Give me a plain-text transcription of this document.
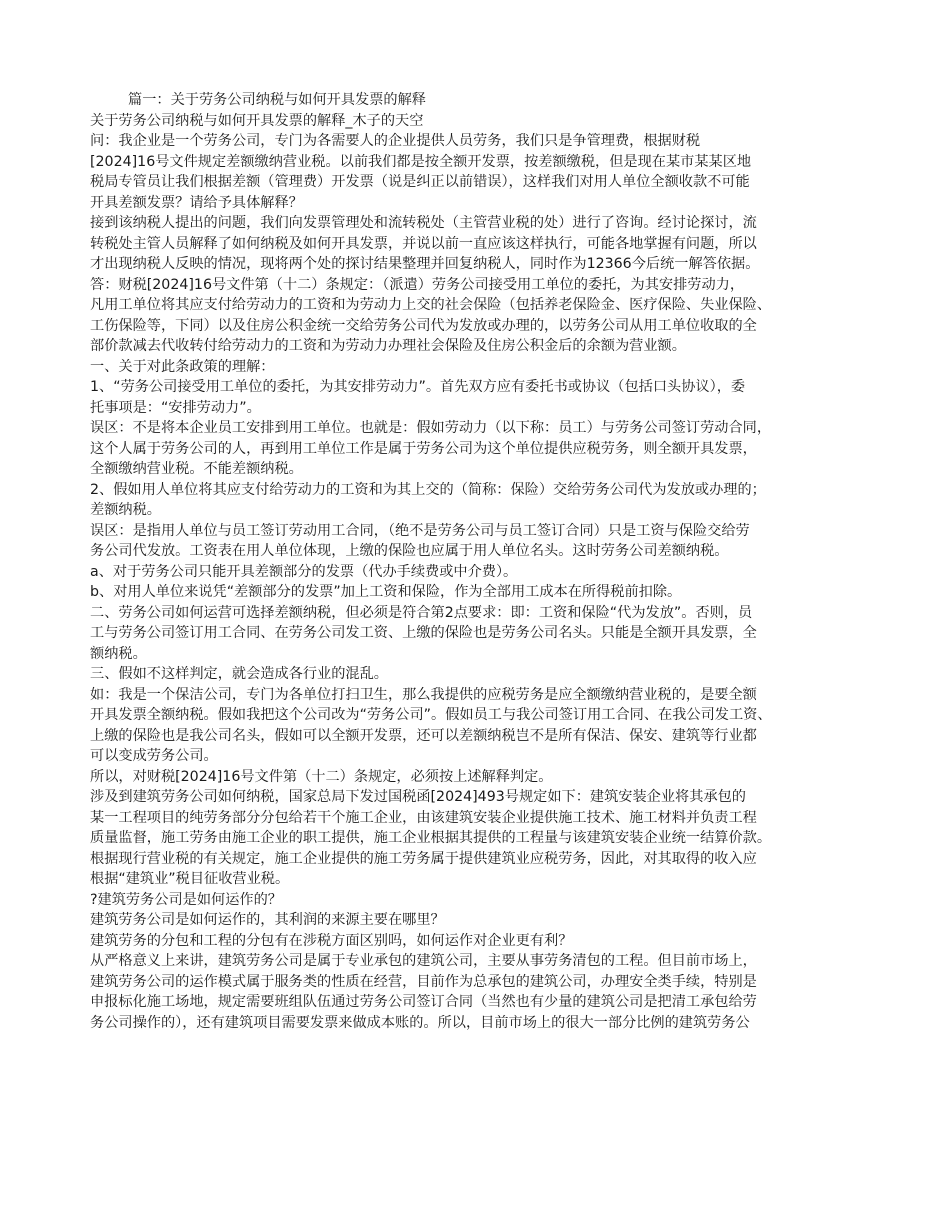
篇一：关于劳务公司纳税与如何开具发票的解释
关于劳务公司纳税与如何开具发票的解释_木子的天空
问：我企业是一个劳务公司，专门为各需要人的企业提供人员劳务，我们只是争管理费，根据财税
[2024]16号文件规定差额缴纳营业税。以前我们都是按全额开发票，按差额缴税，但是现在某市某某区地
税局专管员让我们根据差额（管理费）开发票（说是纠正以前错误），这样我们对用人单位全额收款不可能
开具差额发票？请给予具体解释？
接到该纳税人提出的问题，我们向发票管理处和流转税处（主管营业税的处）进行了咨询。经讨论探讨，流
转税处主管人员解释了如何纳税及如何开具发票，并说以前一直应该这样执行，可能各地掌握有问题，所以
才出现纳税人反映的情况，现将两个处的探讨结果整理并回复纳税人，同时作为12366今后统一解答依据。
答：财税[2024]16号文件第（十二）条规定：（派遣）劳务公司接受用工单位的委托，为其安排劳动力，
凡用工单位将其应支付给劳动力的工资和为劳动力上交的社会保险（包括养老保险金、医疗保险、失业保险、
工伤保险等，下同）以及住房公积金统一交给劳务公司代为发放或办理的，以劳务公司从用工单位收取的全
部价款减去代收转付给劳动力的工资和为劳动力办理社会保险及住房公积金后的余额为营业额。
一、关于对此条政策的理解：
1、“劳务公司接受用工单位的委托，为其安排劳动力”。首先双方应有委托书或协议（包括口头协议），委
托事项是：“安排劳动力”。
误区：不是将本企业员工安排到用工单位。也就是：假如劳动力（以下称：员工）与劳务公司签订劳动合同，
这个人属于劳务公司的人，再到用工单位工作是属于劳务公司为这个单位提供应税劳务，则全额开具发票，
全额缴纳营业税。不能差额纳税。
2、假如用人单位将其应支付给劳动力的工资和为其上交的（简称：保险）交给劳务公司代为发放或办理的；
差额纳税。
误区：是指用人单位与员工签订劳动用工合同，（绝不是劳务公司与员工签订合同）只是工资与保险交给劳
务公司代发放。工资表在用人单位体现，上缴的保险也应属于用人单位名头。这时劳务公司差额纳税。
a、对于劳务公司只能开具差额部分的发票（代办手续费或中介费）。
b、对用人单位来说凭“差额部分的发票”加上工资和保险，作为全部用工成本在所得税前扣除。
二、劳务公司如何运营可选择差额纳税，但必须是符合第2点要求：即：工资和保险“代为发放”。否则，员
工与劳务公司签订用工合同、在劳务公司发工资、上缴的保险也是劳务公司名头。只能是全额开具发票，全
额纳税。
三、假如不这样判定，就会造成各行业的混乱。
如：我是一个保洁公司，专门为各单位打扫卫生，那么我提供的应税劳务是应全额缴纳营业税的，是要全额
开具发票全额纳税。假如我把这个公司改为“劳务公司”。假如员工与我公司签订用工合同、在我公司发工资、
上缴的保险也是我公司名头，假如可以全额开发票，还可以差额纳税岂不是所有保洁、保安、建筑等行业都
可以变成劳务公司。
所以，对财税[2024]16号文件第（十二）条规定，必须按上述解释判定。
涉及到建筑劳务公司如何纳税，国家总局下发过国税函[2024]493号规定如下：建筑安装企业将其承包的
某一工程项目的纯劳务部分分包给若干个施工企业，由该建筑安装企业提供施工技术、施工材料并负责工程
质量监督，施工劳务由施工企业的职工提供，施工企业根据其提供的工程量与该建筑安装企业统一结算价款。
根据现行营业税的有关规定，施工企业提供的施工劳务属于提供建筑业应税劳务，因此，对其取得的收入应
根据“建筑业”税目征收营业税。
?建筑劳务公司是如何运作的？
建筑劳务公司是如何运作的，其利润的来源主要在哪里？
建筑劳务的分包和工程的分包有在涉税方面区别吗，如何运作对企业更有利？
从严格意义上来讲，建筑劳务公司是属于专业承包的建筑公司，主要从事劳务清包的工程。但目前市场上，
建筑劳务公司的运作模式属于服务类的性质在经营，目前作为总承包的建筑公司，办理安全类手续，特别是
申报标化施工场地，规定需要班组队伍通过劳务公司签订合同（当然也有少量的建筑公司是把清工承包给劳
务公司操作的），还有建筑项目需要发票来做成本账的。所以，目前市场上的很大一部分比例的建筑劳务公
